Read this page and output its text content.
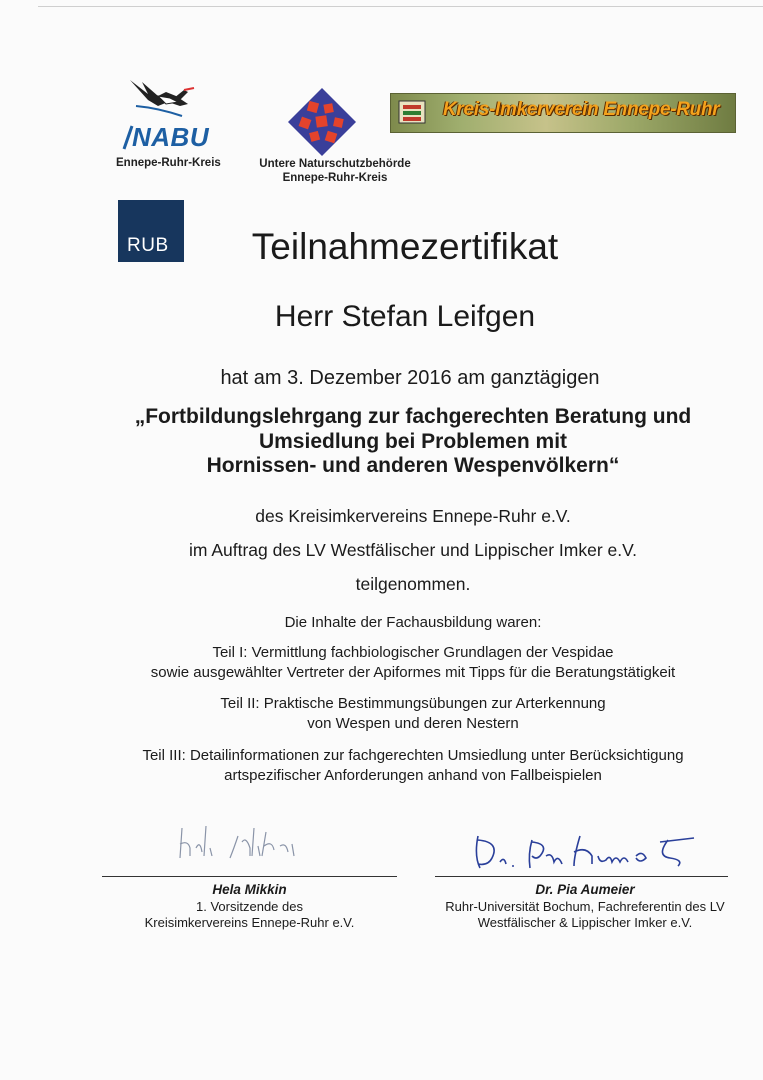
NABU
Ennepe-Ruhr-Kreis	Untere Naturschutzbehörde
Ennepe-Ruhr-Kreis
Kreis-Imkerverein Ennepe-Ruhr
RUB	Teilnahmezertifikat
Herr Stefan Leifgen
hat am 3. Dezember 2016 am ganztägigen
„Fortbildungslehrgang zur fachgerechten Beratung und
Umsiedlung bei Problemen mit
Hornissen- und anderen Wespenvölkern“
des Kreisimkervereins Ennepe-Ruhr e.V.
im Auftrag des LV Westfälischer und Lippischer Imker e.V.
teilgenommen.
Die Inhalte der Fachausbildung waren:
Teil I: Vermittlung fachbiologischer Grundlagen der Vespidae
sowie ausgewählter Vertreter der Apiformes mit Tipps für die Beratungstätigkeit
Teil II: Praktische Bestimmungsübungen zur Arterkennung
von Wespen und deren Nestern
Teil III: Detailinformationen zur fachgerechten Umsiedlung unter Berücksichtigung
artspezifischer Anforderungen anhand von Fallbeispielen
Hela Mikkin
1. Vorsitzende des
Kreisimkervereins Ennepe-Ruhr e.V.
Dr. Pia Aumeier
Ruhr-Universität Bochum, Fachreferentin des LV
Westfälischer & Lippischer Imker e.V.
